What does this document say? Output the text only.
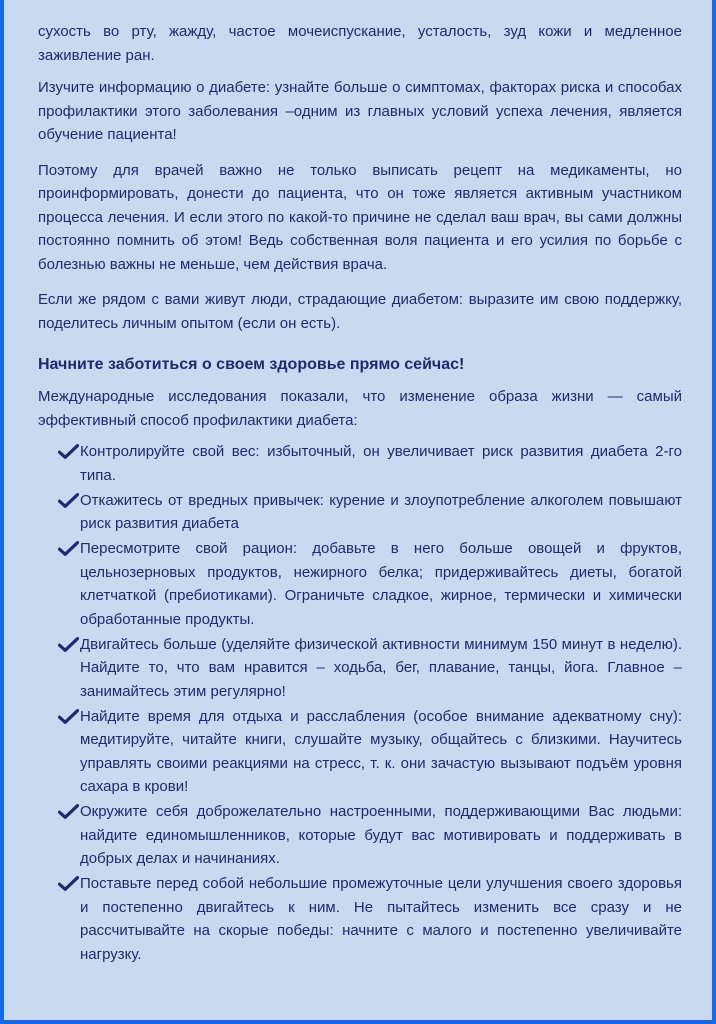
сухость во рту, жажду, частое мочеиспускание, усталость, зуд кожи и медленное заживление ран.

Изучите информацию о диабете: узнайте больше о симптомах, факторах риска и способах профилактики этого заболевания –одним из главных условий успеха лечения, является обучение пациента!

Поэтому для врачей важно не только выписать рецепт на медикаменты, но проинформировать, донести до пациента, что он тоже является активным участником процесса лечения. И если этого по какой-то причине не сделал ваш врач, вы сами должны постоянно помнить об этом! Ведь собственная воля пациента и его усилия по борьбе с болезнью важны не меньше, чем действия врача.

Если же рядом с вами живут люди, страдающие диабетом: выразите им свою поддержку, поделитесь личным опытом (если он есть).

Начните заботиться о своем здоровье прямо сейчас!

Международные исследования показали, что изменение образа жизни — самый эффективный способ профилактики диабета:

Контролируйте свой вес: избыточный, он увеличивает риск развития диабета 2-го типа.
Откажитесь от вредных привычек: курение и злоупотребление алкоголем повышают риск развития диабета
Пересмотрите свой рацион: добавьте в него больше овощей и фруктов, цельнозерновых продуктов, нежирного белка; придерживайтесь диеты, богатой клетчаткой (пребиотиками). Ограничьте сладкое, жирное, термически и химически обработанные продукты.
Двигайтесь больше (уделяйте физической активности минимум 150 минут в неделю). Найдите то, что вам нравится – ходьба, бег, плавание, танцы, йога. Главное – занимайтесь этим регулярно!
Найдите время для отдыха и расслабления (особое внимание адекватному сну): медитируйте, читайте книги, слушайте музыку, общайтесь с близкими. Научитесь управлять своими реакциями на стресс, т. к. они зачастую вызывают подъём уровня сахара в крови!
Окружите себя доброжелательно настроенными, поддерживающими Вас людьми: найдите единомышленников, которые будут вас мотивировать и поддерживать в добрых делах и начинаниях.
Поставьте перед собой небольшие промежуточные цели улучшения своего здоровья и постепенно двигайтесь к ним. Не пытайтесь изменить все сразу и не рассчитывайте на скорые победы: начните с малого и постепенно увеличивайте нагрузку.
